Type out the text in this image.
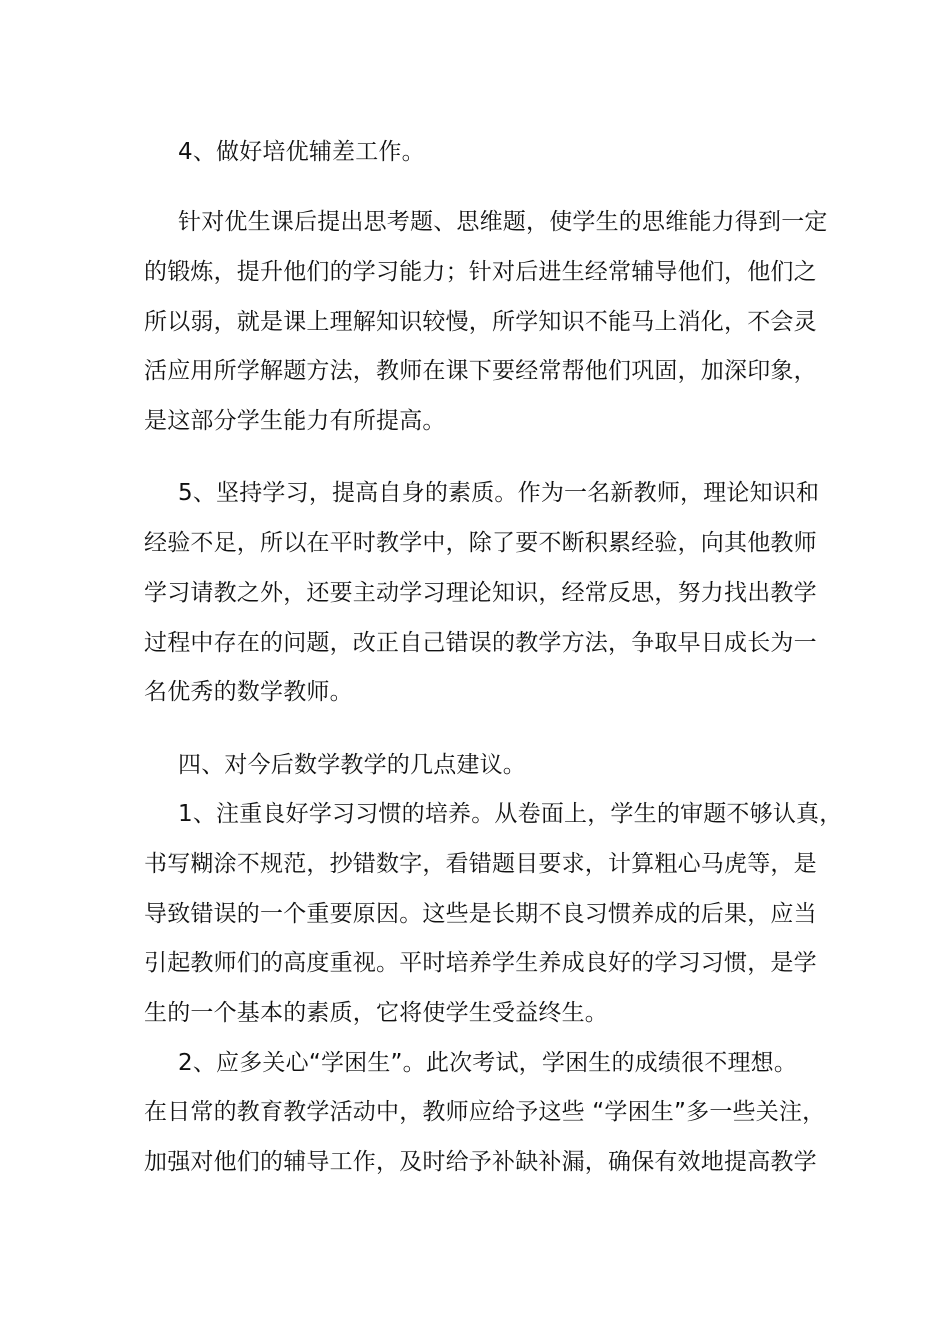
4、做好培优辅差工作。
针对优生课后提出思考题、思维题，使学生的思维能力得到一定
的锻炼，提升他们的学习能力；针对后进生经常辅导他们，他们之
所以弱，就是课上理解知识较慢，所学知识不能马上消化，不会灵
活应用所学解题方法，教师在课下要经常帮他们巩固，加深印象，
是这部分学生能力有所提高。
5、坚持学习，提高自身的素质。作为一名新教师，理论知识和
经验不足，所以在平时教学中，除了要不断积累经验，向其他教师
学习请教之外，还要主动学习理论知识，经常反思，努力找出教学
过程中存在的问题，改正自己错误的教学方法，争取早日成长为一
名优秀的数学教师。
四、对今后数学教学的几点建议。
1、注重良好学习习惯的培养。从卷面上，学生的审题不够认真，
书写糊涂不规范，抄错数字，看错题目要求，计算粗心马虎等，是
导致错误的一个重要原因。这些是长期不良习惯养成的后果，应当
引起教师们的高度重视。平时培养学生养成良好的学习习惯，是学
生的一个基本的素质，它将使学生受益终生。
2、应多关心“学困生”。此次考试，学困生的成绩很不理想。
在日常的教育教学活动中，教师应给予这些 “学困生”多一些关注，
加强对他们的辅导工作，及时给予补缺补漏，确保有效地提高教学
